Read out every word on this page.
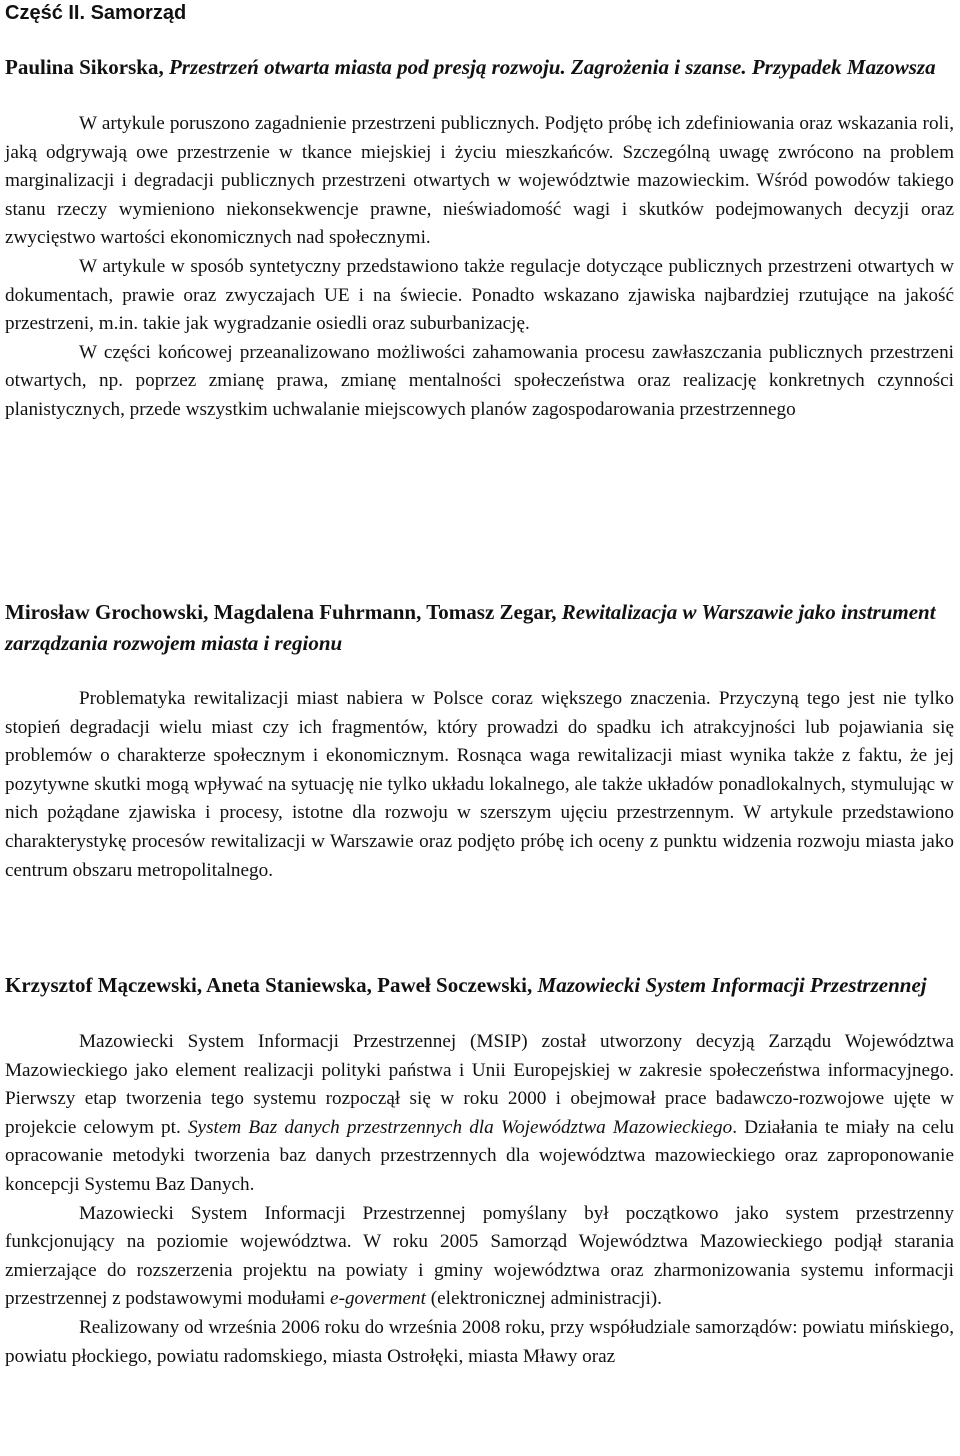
Część II. Samorząd
Paulina Sikorska, Przestrzeń otwarta miasta pod presją rozwoju. Zagrożenia i szanse. Przypadek Mazowsza

W artykule poruszono zagadnienie przestrzeni publicznych. Podjęto próbę ich zdefiniowania oraz wskazania roli, jaką odgrywają owe przestrzenie w tkance miejskiej i życiu mieszkańców. Szczególną uwagę zwrócono na problem marginalizacji i degradacji publicznych przestrzeni otwartych w województwie mazowieckim. Wśród powodów takiego stanu rzeczy wymieniono niekonsekwencje prawne, nieświadomość wagi i skutków podejmowanych decyzji oraz zwycięstwo wartości ekonomicznych nad społecznymi.

W artykule w sposób syntetyczny przedstawiono także regulacje dotyczące publicznych przestrzeni otwartych w dokumentach, prawie oraz zwyczajach UE i na świecie. Ponadto wskazano zjawiska najbardziej rzutujące na jakość przestrzeni, m.in. takie jak wygradzanie osiedli oraz suburbanizację.

W części końcowej przeanalizowano możliwości zahamowania procesu zawłaszczania publicznych przestrzeni otwartych, np. poprzez zmianę prawa, zmianę mentalności społeczeństwa oraz realizację konkretnych czynności planistycznych, przede wszystkim uchwalanie miejscowych planów zagospodarowania przestrzennego

Mirosław Grochowski, Magdalena Fuhrmann, Tomasz Zegar, Rewitalizacja w Warszawie jako instrument zarządzania rozwojem miasta i regionu

Problematyka rewitalizacji miast nabiera w Polsce coraz większego znaczenia. Przyczyną tego jest nie tylko stopień degradacji wielu miast czy ich fragmentów, który prowadzi do spadku ich atrakcyjności lub pojawiania się problemów o charakterze społecznym i ekonomicznym. Rosnąca waga rewitalizacji miast wynika także z faktu, że jej pozytywne skutki mogą wpływać na sytuację nie tylko układu lokalnego, ale także układów ponadlokalnych, stymulując w nich pożądane zjawiska i procesy, istotne dla rozwoju w szerszym ujęciu przestrzennym. W artykule przedstawiono charakterystykę procesów rewitalizacji w Warszawie oraz podjęto próbę ich oceny z punktu widzenia rozwoju miasta jako centrum obszaru metropolitalnego.

Krzysztof Mączewski, Aneta Staniewska, Paweł Soczewski, Mazowiecki System Informacji Przestrzennej

Mazowiecki System Informacji Przestrzennej (MSIP) został utworzony decyzją Zarządu Województwa Mazowieckiego jako element realizacji polityki państwa i Unii Europejskiej w zakresie społeczeństwa informacyjnego. Pierwszy etap tworzenia tego systemu rozpoczął się w roku 2000 i obejmował prace badawczo-rozwojowe ujęte w projekcie celowym pt. System Baz danych przestrzennych dla Województwa Mazowieckiego. Działania te miały na celu opracowanie metodyki tworzenia baz danych przestrzennych dla województwa mazowieckiego oraz zaproponowanie koncepcji Systemu Baz Danych.

Mazowiecki System Informacji Przestrzennej pomyślany był początkowo jako system przestrzenny funkcjonujący na poziomie województwa. W roku 2005 Samorząd Województwa Mazowieckiego podjął starania zmierzające do rozszerzenia projektu na powiaty i gminy województwa oraz zharmonizowania systemu informacji przestrzennej z podstawowymi modułami e-goverment (elektronicznej administracji).

Realizowany od września 2006 roku do września 2008 roku, przy współudziale samorządów: powiatu mińskiego, powiatu płockiego, powiatu radomskiego, miasta Ostrołęki, miasta Mławy oraz
